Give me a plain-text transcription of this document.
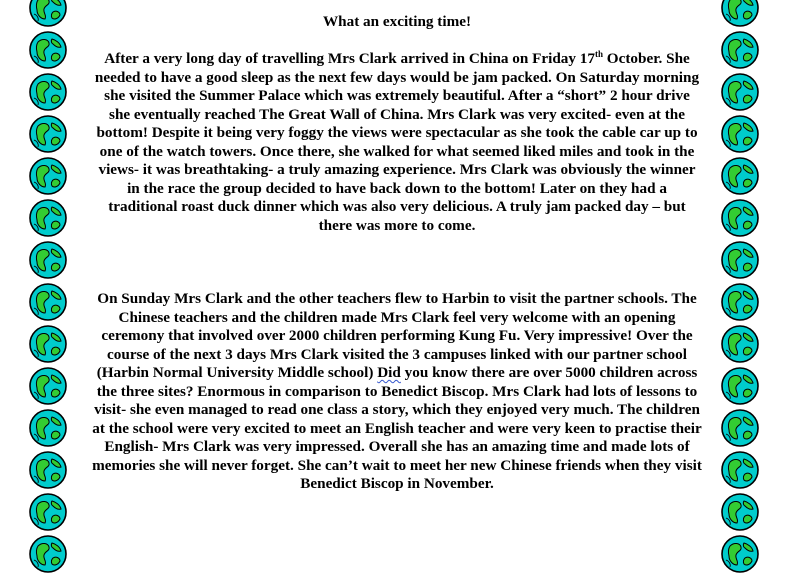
What an exciting time!

After a very long day of travelling Mrs Clark arrived in China on Friday 17th October. She needed to have a good sleep as the next few days would be jam packed. On Saturday morning she visited the Summer Palace which was extremely beautiful. After a “short” 2 hour drive she eventually reached The Great Wall of China. Mrs Clark was very excited- even at the bottom! Despite it being very foggy the views were spectacular as she took the cable car up to one of the watch towers. Once there, she walked for what seemed liked miles and took in the views- it was breathtaking- a truly amazing experience. Mrs Clark was obviously the winner in the race the group decided to have back down to the bottom! Later on they had a traditional roast duck dinner which was also very delicious. A truly jam packed day – but there was more to come.

On Sunday Mrs Clark and the other teachers flew to Harbin to visit the partner schools. The Chinese teachers and the children made Mrs Clark feel very welcome with an opening ceremony that involved over 2000 children performing Kung Fu. Very impressive! Over the course of the next 3 days Mrs Clark visited the 3 campuses linked with our partner school (Harbin Normal University Middle school) Did you know there are over 5000 children across the three sites? Enormous in comparison to Benedict Biscop. Mrs Clark had lots of lessons to visit- she even managed to read one class a story, which they enjoyed very much. The children at the school were very excited to meet an English teacher and were very keen to practise their English- Mrs Clark was very impressed. Overall she has an amazing time and made lots of memories she will never forget. She can’t wait to meet her new Chinese friends when they visit Benedict Biscop in November.
